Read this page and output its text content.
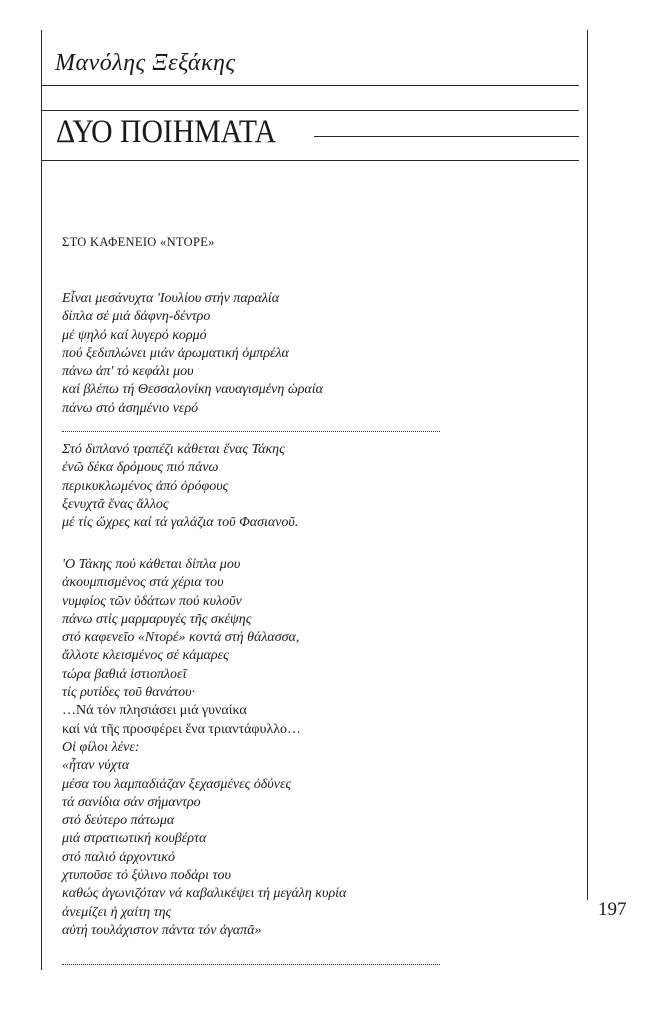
Μανόλης Ξεξάκης
ΔΥΟ ΠΟΙΗΜΑΤΑ
ΣΤΟ ΚΑΦΕΝΕΙΟ «ΝΤΟΡΕ»
Εἶναι μεσάνυχτα 'Ιουλίου στήν παραλία
δίπλα σέ μιά δάφνη-δέντρο
μέ ψηλό καί λυγερό κορμό
πού ξεδιπλώνει μιάν ἀρωματική ὀμπρέλα
πάνω ἀπ' τό κεφάλι μου
καί βλέπω τή Θεσσαλονίκη ναυαγισμένη ὡραία
πάνω στό ἀσημένιο νερό
Στό διπλανό τραπέζι κάθεται ἕνας Τάκης
ἐνῶ δέκα δρόμους πιό πάνω
περικυκλωμένος ἀπό ὀρόφους
ξενυχτᾶ ἕνας ἄλλος
μέ τίς ὤχρες καί τά γαλάζια τοῦ Φασιανοῦ.
'Ο Τάκης πού κάθεται δίπλα μου
ἀκουμπισμένος στά χέρια του
νυμφίος τῶν ὑδάτων πού κυλοῦν
πάνω στίς μαρμαρυγές τῆς σκέψης
στό καφενεῖο «Ντορέ» κοντά στή θάλασσα,
ἄλλοτε κλεισμένος σέ κάμαρες
τώρα βαθιά ἱστιοπλοεῖ
τίς ρυτίδες τοῦ θανάτου·
…Νά τόν πλησιάσει μιά γυναίκα
καί νά τῆς προσφέρει ἕνα τριαντάφυλλο…
Οἱ φίλοι λένε:
«ἦταν νύχτα
μέσα του λαμπαδιάζαν ξεχασμένες ὀδύνες
τά σανίδια σάν σήμαντρο
στό δεύτερο πάτωμα
μιά στρατιωτική κουβέρτα
στό παλιό ἀρχοντικό
χτυποῦσε τό ξύλινο ποδάρι του
καθώς ἀγωνιζόταν νά καβαλικέψει τή μεγάλη κυρία
ἀνεμίζει ἡ χαίτη της
αὐτή τουλάχιστον πάντα τόν ἀγαπᾶ»
197
